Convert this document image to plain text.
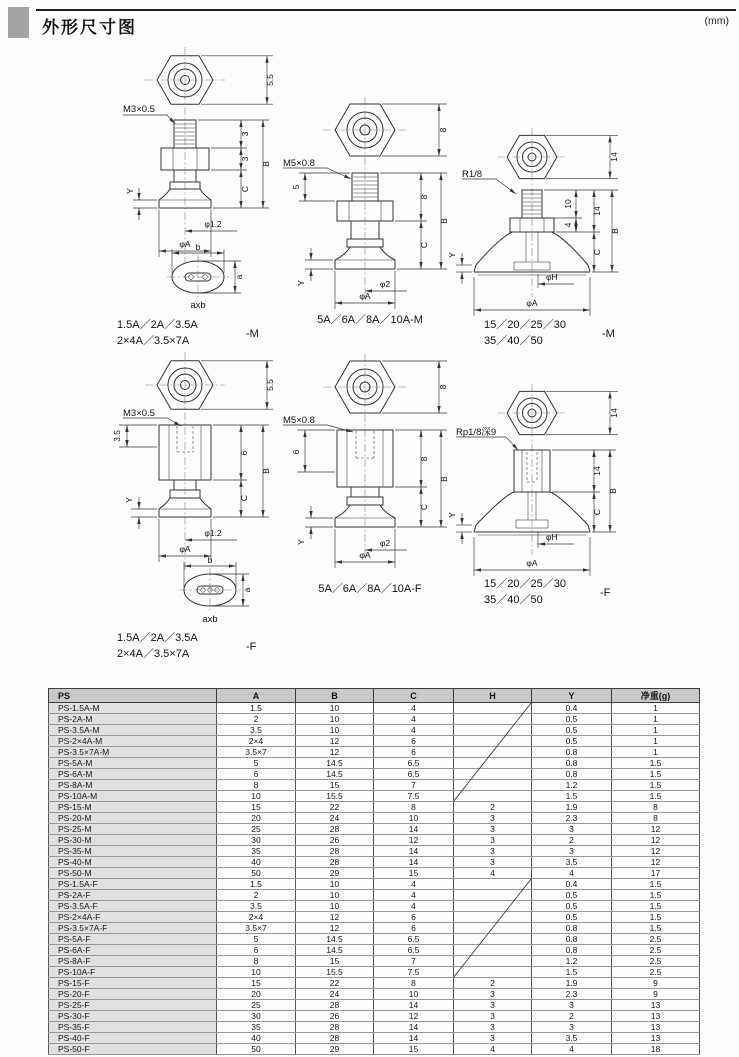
外形尺寸图	(mm)
5.5
M3×0.5
3
3
C
B
Y
φ1.2
φA b
a
axb
1.5A／2A／3.5A
2×4A／3.5×7A
-M
8
M5×0.8
5
8
C
B
Y	φ2
φA
5A／6A／8A／10A-M
14
R1/8
10
4
14
C
B
Y
φH
φA
15／20／25／30
35／40／50
-M
5.5
M3×0.5
3.5
6
C
B
Y
φ1.2
φA
b
a
axb
1.5A／2A／3.5A
2×4A／3.5×7A
-F
8
M5×0.8
6
8
C
B
Y	φ2
φA
5A／6A／8A／10A-F
14
Rp1/8深9
14
C
B
Y
φH
φA
15／20／25／30
35／40／50
-F
PS	A	B	C	H	Y	净重(g)
PS-1.5A-M	1.5	10	4		0.4	1
PS-2A-M	2	10	4		0.5	1
PS-3.5A-M	3.5	10	4		0.5	1
PS-2×4A-M	2×4	12	6		0.5	1
PS-3.5×7A-M	3.5×7	12	6		0.8	1
PS-5A-M	5	14.5	6.5		0.8	1.5
PS-6A-M	6	14.5	6.5		0.8	1.5
PS-8A-M	8	15	7		1.2	1.5
PS-10A-M	10	15.5	7.5		1.5	1.5
PS-15-M	15	22	8	2	1.9	8
PS-20-M	20	24	10	3	2.3	8
PS-25-M	25	28	14	3	3	12
PS-30-M	30	26	12	3	2	12
PS-35-M	35	28	14	3	3	12
PS-40-M	40	28	14	3	3.5	12
PS-50-M	50	29	15	4	4	17
PS-1.5A-F	1.5	10	4		0.4	1.5
PS-2A-F	2	10	4		0.5	1.5
PS-3.5A-F	3.5	10	4		0.5	1.5
PS-2×4A-F	2×4	12	6		0.5	1.5
PS-3.5×7A-F	3.5×7	12	6		0.8	1.5
PS-5A-F	5	14.5	6.5		0.8	2.5
PS-6A-F	6	14.5	6.5		0.8	2.5
PS-8A-F	8	15	7		1.2	2.5
PS-10A-F	10	15.5	7.5		1.5	2.5
PS-15-F	15	22	8	2	1.9	9
PS-20-F	20	24	10	3	2.3	9
PS-25-F	25	28	14	3	3	13
PS-30-F	30	26	12	3	2	13
PS-35-F	35	28	14	3	3	13
PS-40-F	40	28	14	3	3.5	13
PS-50-F	50	29	15	4	4	18
